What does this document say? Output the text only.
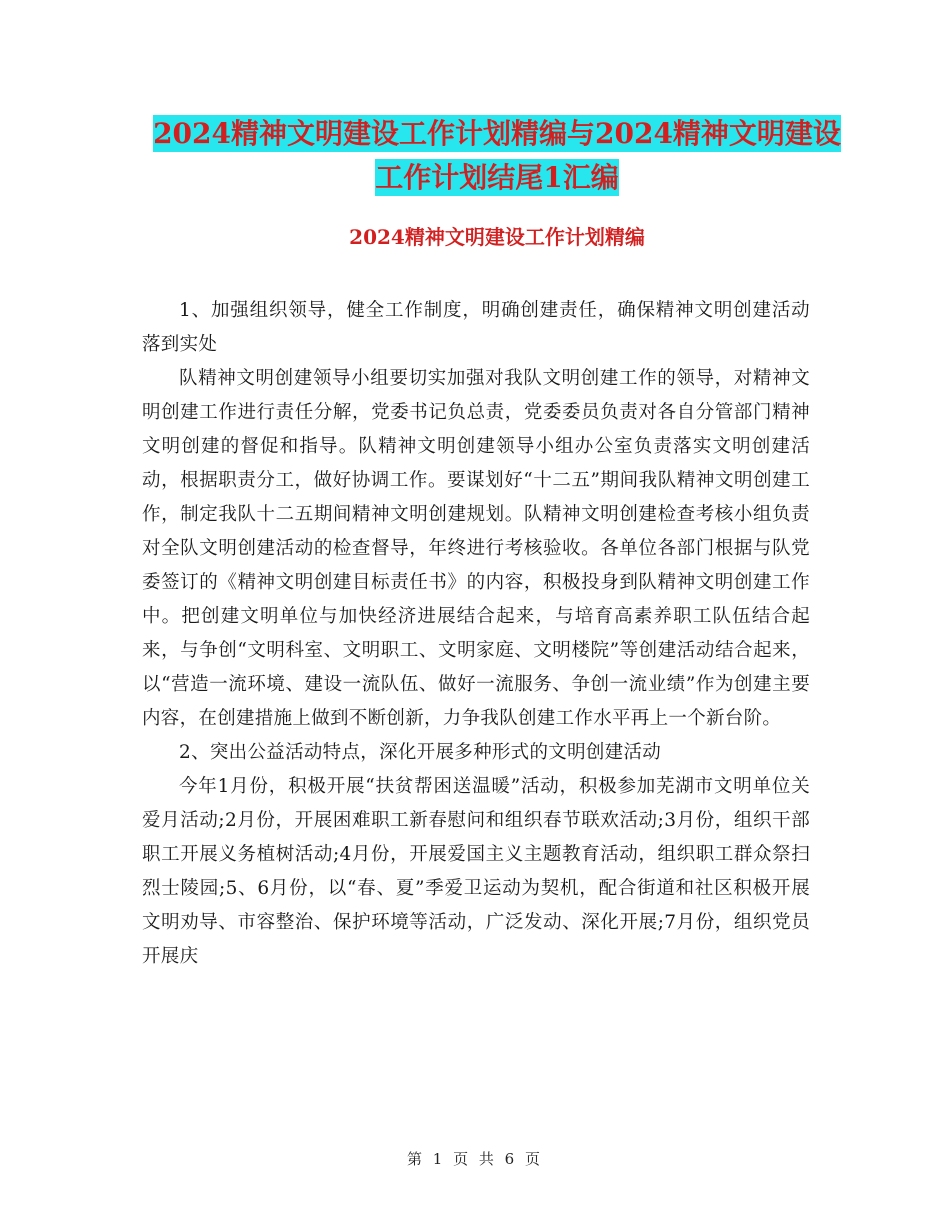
2024精神文明建设工作计划精编与2024精神文明建设工作计划结尾1汇编
2024精神文明建设工作计划精编

1、加强组织领导，健全工作制度，明确创建责任，确保精神文明创建活动落到实处

队精神文明创建领导小组要切实加强对我队文明创建工作的领导，对精神文明创建工作进行责任分解，党委书记负总责，党委委员负责对各自分管部门精神文明创建的督促和指导。队精神文明创建领导小组办公室负责落实文明创建活动，根据职责分工，做好协调工作。要谋划好“十二五”期间我队精神文明创建工作，制定我队十二五期间精神文明创建规划。队精神文明创建检查考核小组负责对全队文明创建活动的检查督导，年终进行考核验收。各单位各部门根据与队党委签订的《精神文明创建目标责任书》的内容，积极投身到队精神文明创建工作中。把创建文明单位与加快经济进展结合起来，与培育高素养职工队伍结合起来，与争创“文明科室、文明职工、文明家庭、文明楼院”等创建活动结合起来，以“营造一流环境、建设一流队伍、做好一流服务、争创一流业绩”作为创建主要内容，在创建措施上做到不断创新，力争我队创建工作水平再上一个新台阶。

2、突出公益活动特点，深化开展多种形式的文明创建活动

今年1月份，积极开展“扶贫帮困送温暖”活动，积极参加芜湖市文明单位关爱月活动;2月份，开展困难职工新春慰问和组织春节联欢活动;3月份，组织干部职工开展义务植树活动;4月份，开展爱国主义主题教育活动，组织职工群众祭扫烈士陵园;5、6月份，以“春、夏”季爱卫运动为契机，配合街道和社区积极开展文明劝导、市容整治、保护环境等活动，广泛发动、深化开展;7月份，组织党员开展庆

第 1 页 共 6 页
